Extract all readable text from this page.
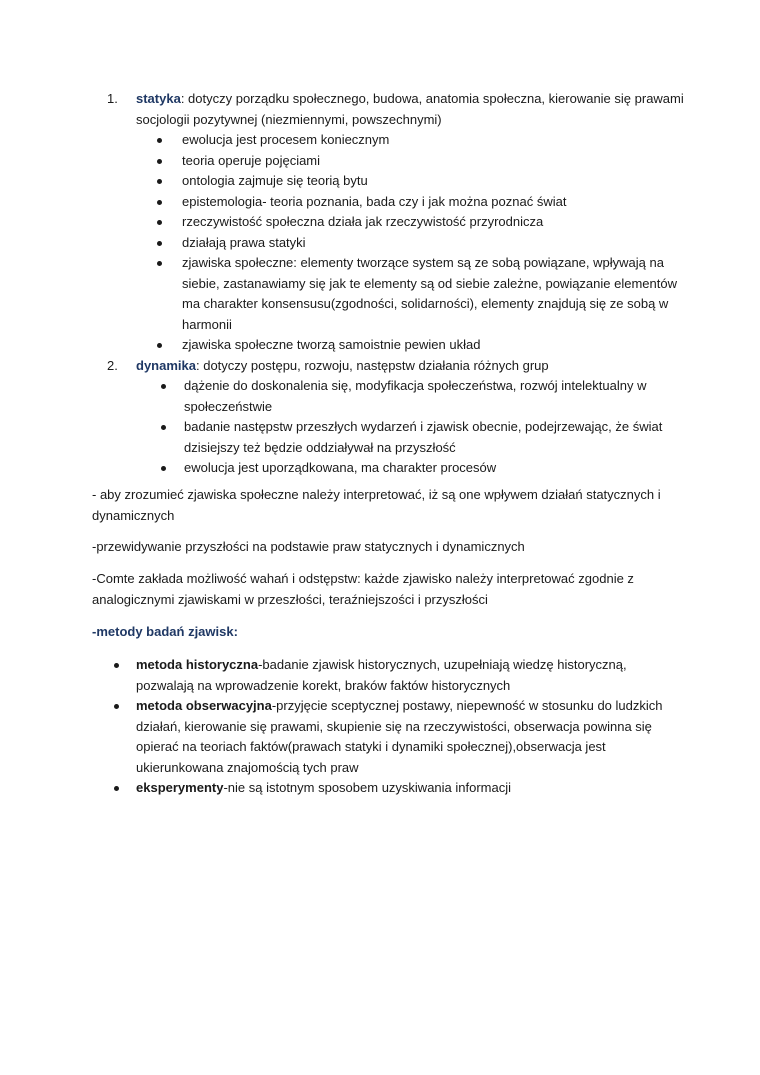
1. statyka: dotyczy porządku społecznego, budowa, anatomia społeczna, kierowanie się prawami socjologii pozytywnej (niezmiennymi, powszechnymi)
ewolucja jest procesem koniecznym
teoria operuje pojęciami
ontologia zajmuje się teorią bytu
epistemologia- teoria poznania, bada czy i jak można poznać świat
rzeczywistość społeczna działa jak rzeczywistość przyrodnicza
działają prawa statyki
zjawiska społeczne: elementy tworzące system są ze sobą powiązane, wpływają na siebie, zastanawiamy się jak te elementy są od siebie zależne, powiązanie elementów ma charakter konsensusu(zgodności, solidarności), elementy znajdują się ze sobą w harmonii
zjawiska społeczne tworzą samoistnie pewien układ
2. dynamika: dotyczy postępu, rozwoju, następstw działania różnych grup
dążenie do doskonalenia się, modyfikacja społeczeństwa, rozwój intelektualny w społeczeństwie
badanie następstw przeszłych wydarzeń i zjawisk obecnie, podejrzewając, że świat dzisiejszy też będzie oddziaływał na przyszłość
ewolucja jest uporządkowana, ma charakter procesów
- aby zrozumieć zjawiska społeczne należy interpretować, iż są one wpływem działań statycznych i dynamicznych
-przewidywanie przyszłości na podstawie praw statycznych i dynamicznych
-Comte zakłada możliwość wahań i odstępstw: każde zjawisko należy interpretować zgodnie z analogicznymi zjawiskami w przeszłości, teraźniejszości i przyszłości
-metody badań zjawisk:
metoda historyczna-badanie zjawisk historycznych, uzupełniają wiedzę historyczną, pozwalają na wprowadzenie korekt, braków faktów historycznych
metoda obserwacyjna-przyjęcie sceptycznej postawy, niepewność w stosunku do ludzkich działań, kierowanie się prawami, skupienie się na rzeczywistości, obserwacja powinna się opierać na teoriach faktów(prawach statyki i dynamiki społecznej),obserwacja jest ukierunkowana znajomością tych praw
eksperymenty-nie są istotnym sposobem uzyskiwania informacji
